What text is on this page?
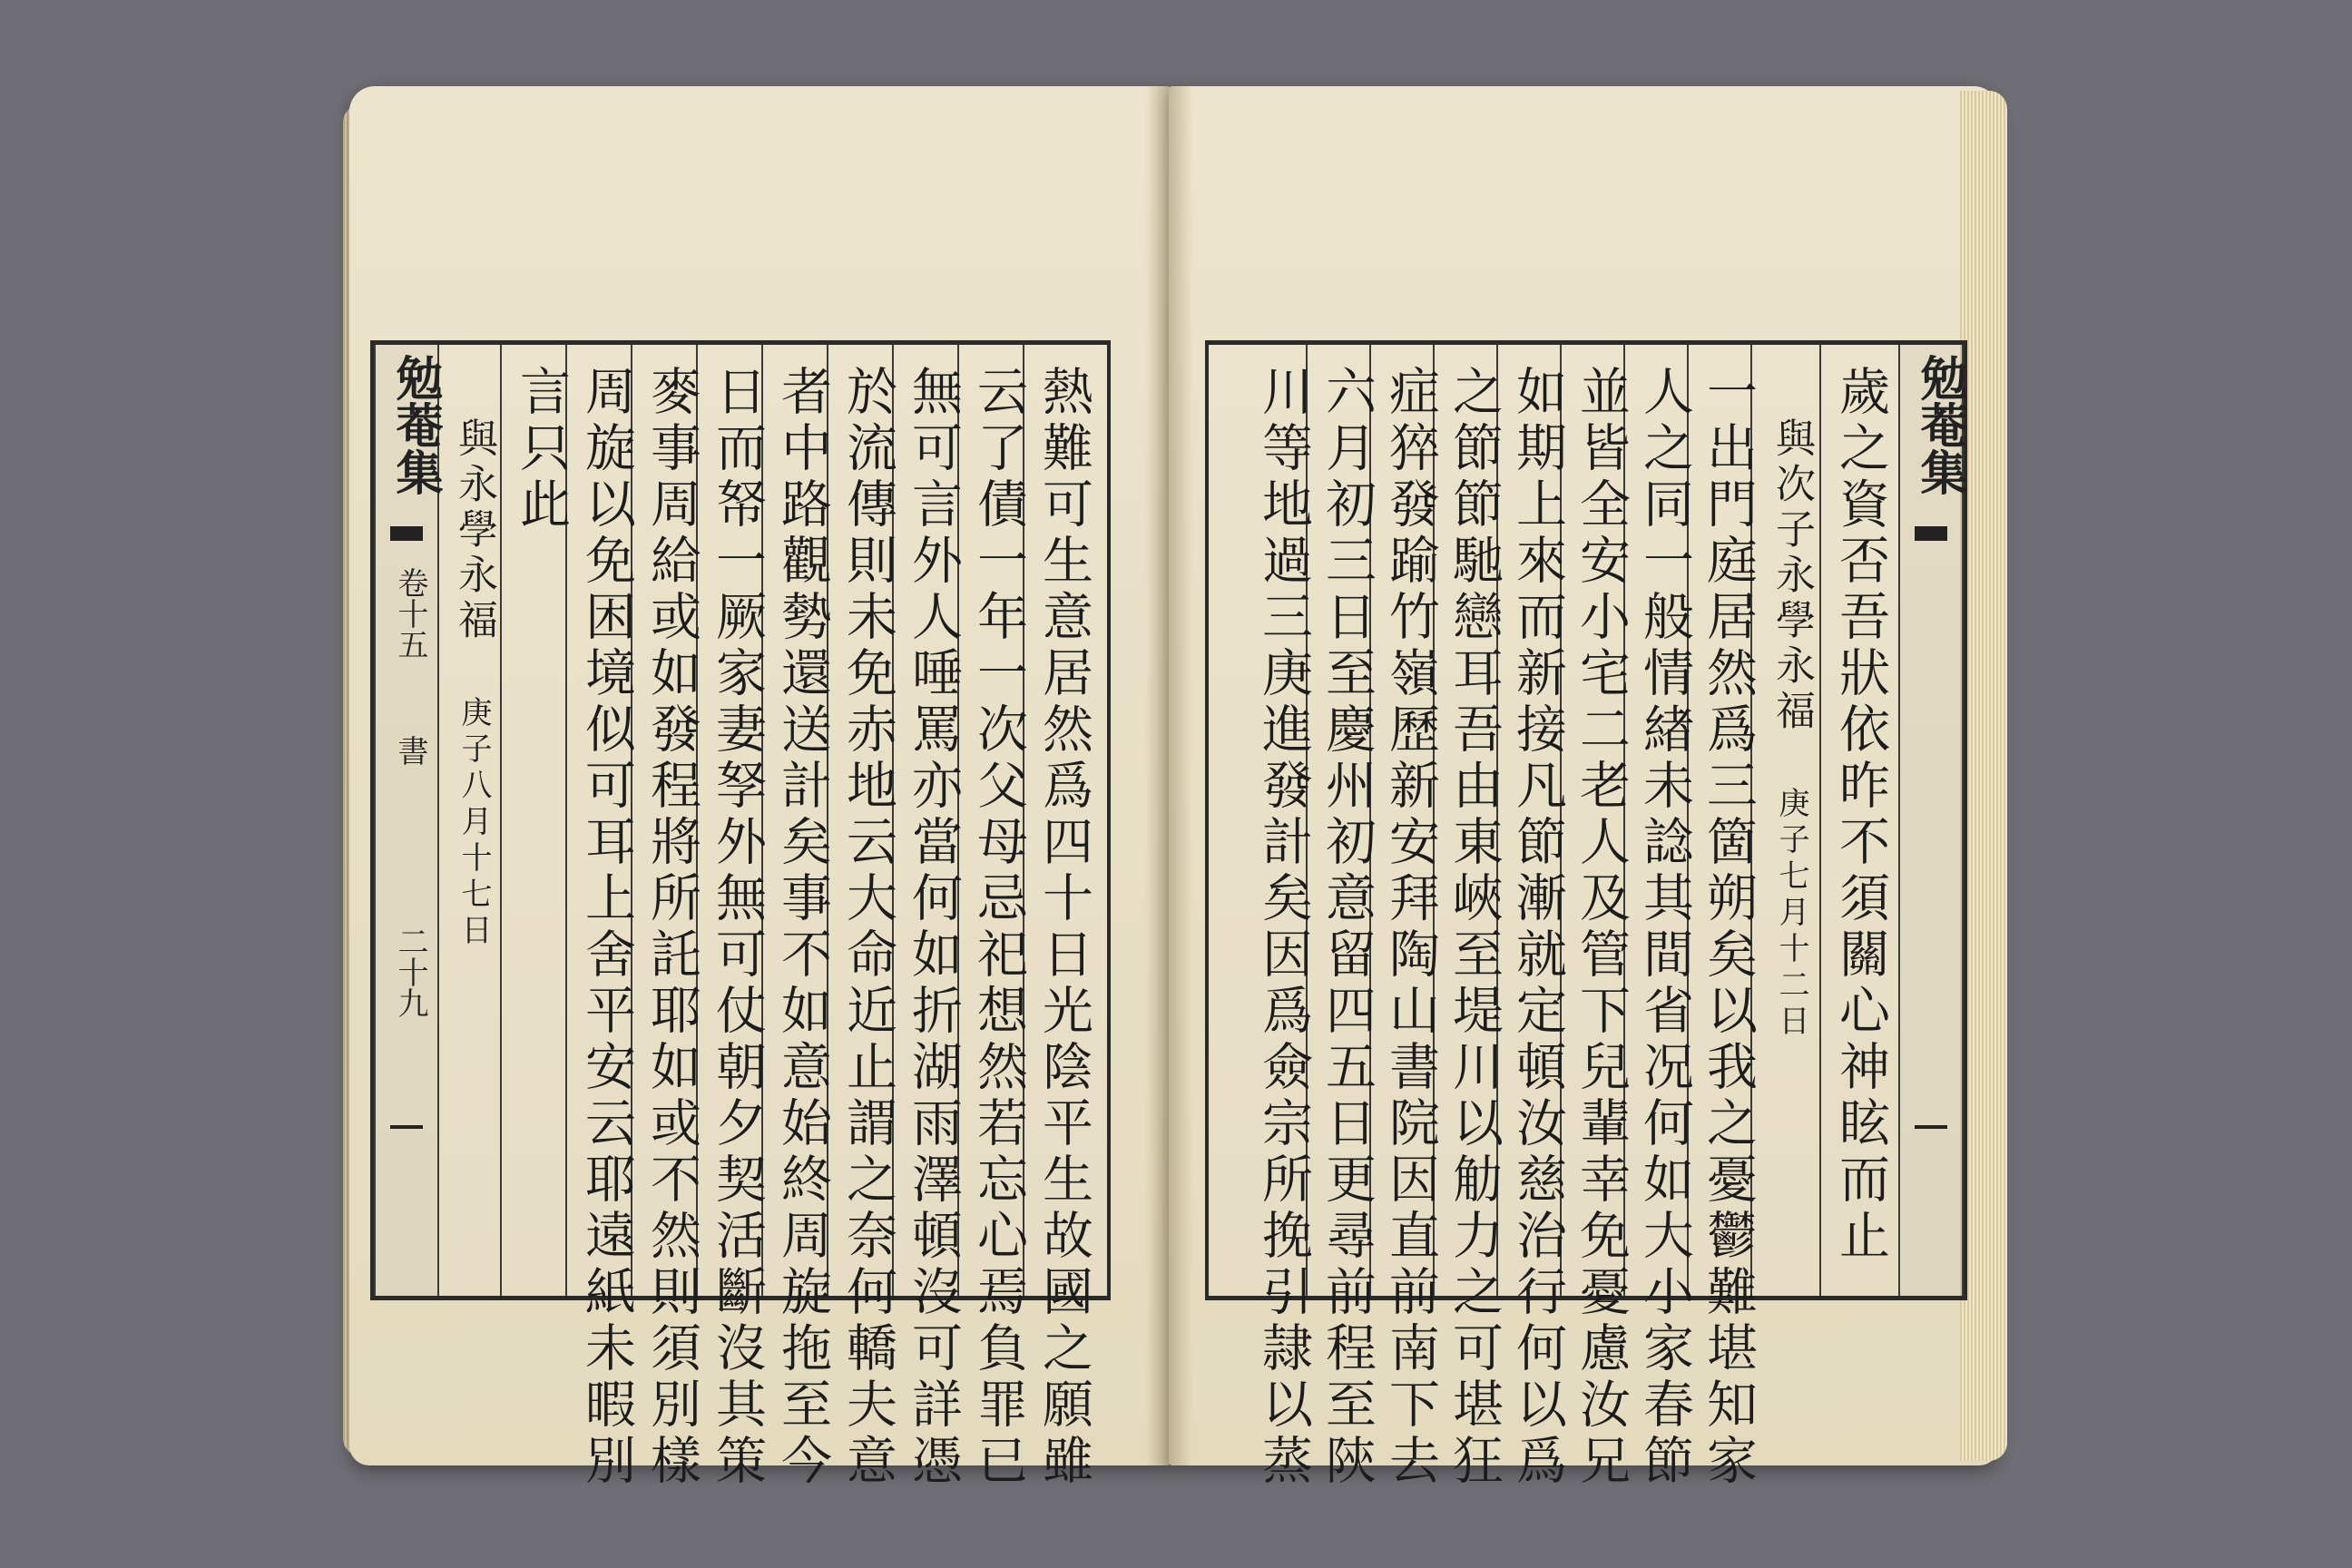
熱難可生意居然爲四十日光陰平生故國之願雖
云了債一年一次父母忌祀想然若忘心焉負罪已
無可言外人唾罵亦當何如折湖雨澤頓沒可詳憑
於流傳則未免赤地云大命近止謂之奈何轎夫意
者中路觀勢還送計矣事不如意始終周旋拖至今
日而帑一厥家妻孥外無可仗朝夕契活斷沒其策
麥事周給或如發程將所託耶如或不然則須別樣
周旋以免困境似可耳上舍平安云耶遠紙未暇別
言只此
與永學永福 庚子八月十七日
勉菴集
卷十五
書
二十九
勉菴集
歲之資否吾狀依昨不須關心神眩而止
與次子永學永福 庚子七月十二日
一出門庭居然爲三箇朔矣以我之憂鬱難堪知家
人之同一般情緖未諗其間省况何如大小家春節
並皆全安小宅二老人及管下兒輩幸免憂慮汝兄
如期上來而新接凡節漸就定頓汝慈治行何以爲
之節節馳戀耳吾由東峽至堤川以觔力之可堪狂
症猝發踰竹嶺歷新安拜陶山書院因直前南下去
六月初三日至慶州初意留四五日更尋前程至陝
川等地過三庚進發計矣因爲僉宗所挽引隷以蒸
